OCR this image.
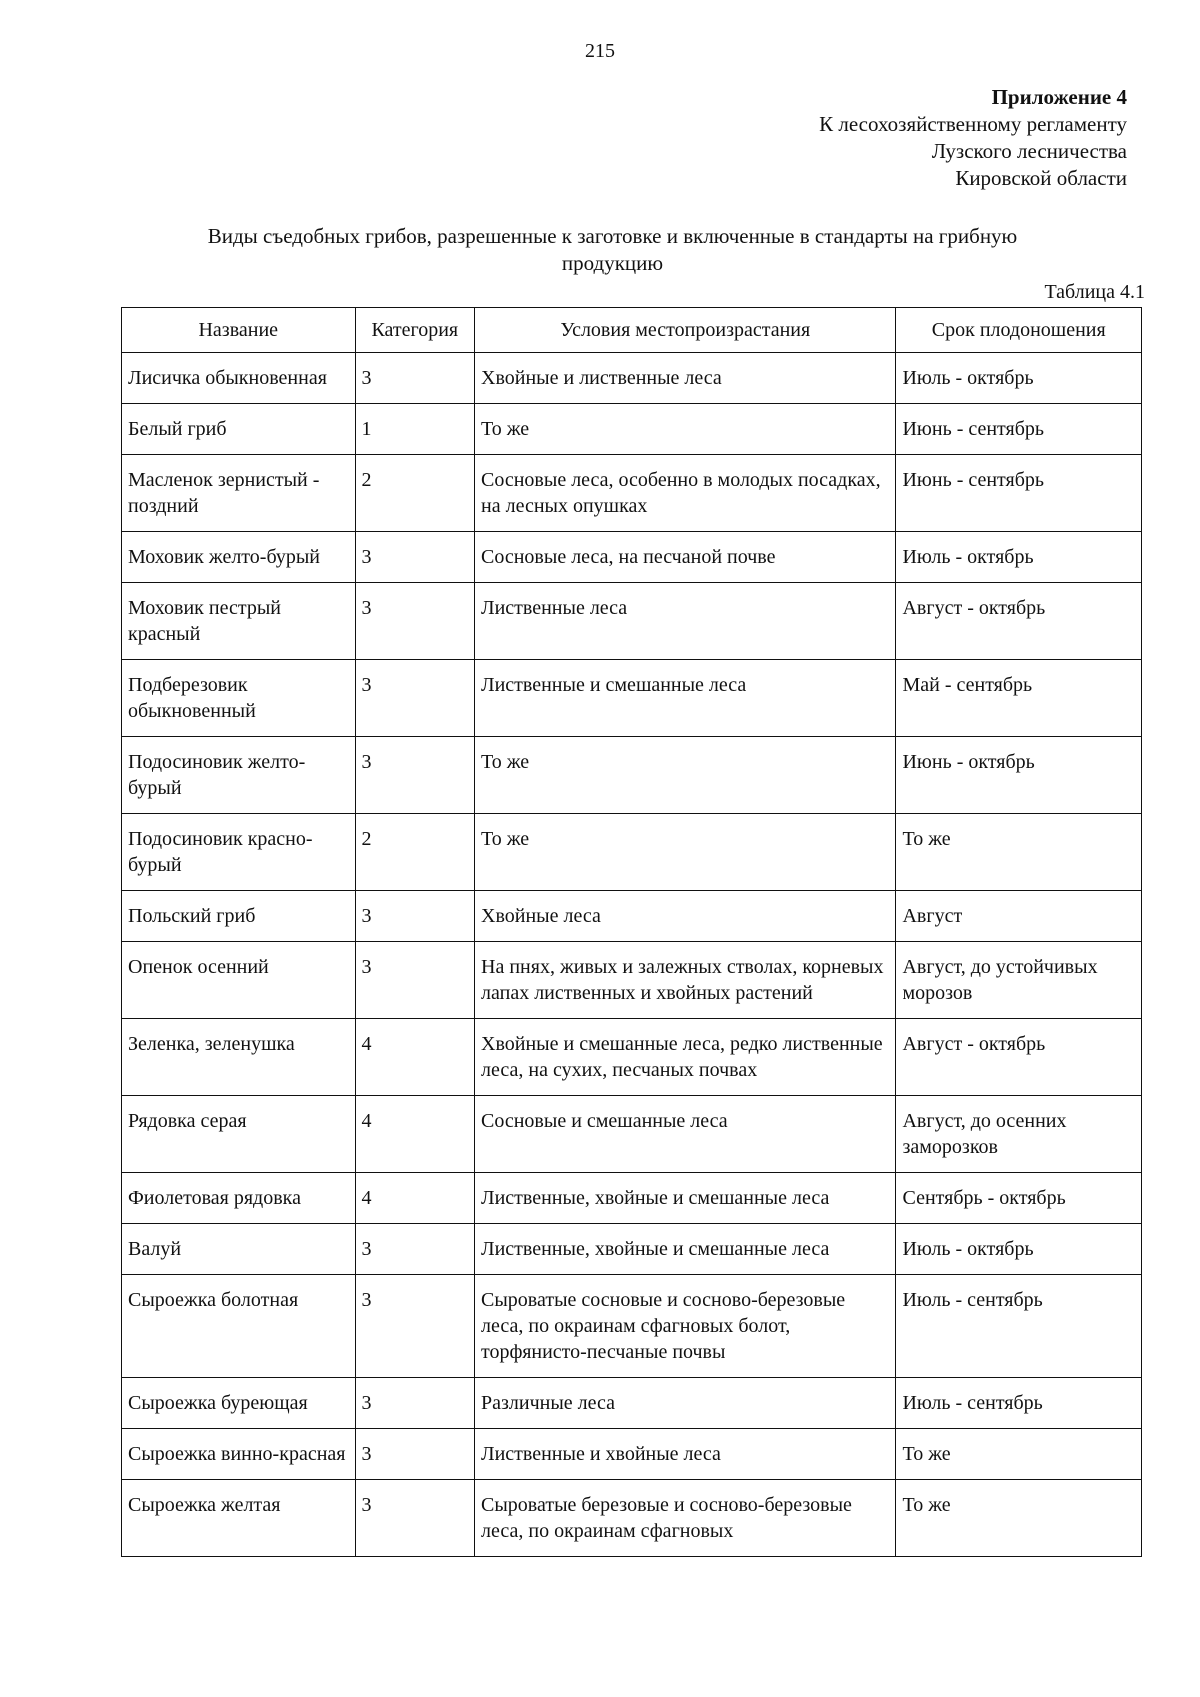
215
Приложение 4
К лесохозяйственному регламенту
Лузского лесничества
Кировской области
Виды съедобных грибов, разрешенные к заготовке и включенные в стандарты на грибную
продукцию
Таблица 4.1
Название	Категория	Условия местопроизрастания	Срок плодоношения
Лисичка обыкновенная	3	Хвойные и лиственные леса	Июль - октябрь
Белый гриб	1	То же	Июнь - сентябрь
Масленок зернистый - поздний	2	Сосновые леса, особенно в молодых посадках, на лесных опушках	Июнь - сентябрь
Моховик желто-бурый	3	Сосновые леса, на песчаной почве	Июль - октябрь
Моховик пестрый красный	3	Лиственные леса	Август - октябрь
Подберезовик обыкновенный	3	Лиственные и смешанные леса	Май - сентябрь
Подосиновик желто-бурый	3	То же	Июнь - октябрь
Подосиновик красно-бурый	2	То же	То же
Польский гриб	3	Хвойные леса	Август
Опенок осенний	3	На пнях, живых и залежных стволах, корневых лапах лиственных и хвойных растений	Август, до устойчивых морозов
Зеленка, зеленушка	4	Хвойные и смешанные леса, редко лиственные леса, на сухих, песчаных почвах	Август - октябрь
Рядовка серая	4	Сосновые и смешанные леса	Август, до осенних заморозков
Фиолетовая рядовка	4	Лиственные, хвойные и смешанные леса	Сентябрь - октябрь
Валуй	3	Лиственные, хвойные и смешанные леса	Июль - октябрь
Сыроежка болотная	3	Сыроватые сосновые и сосново-березовые леса, по окраинам сфагновых болот, торфянисто-песчаные почвы	Июль - сентябрь
Сыроежка буреющая	3	Различные леса	Июль - сентябрь
Сыроежка винно-красная	3	Лиственные и хвойные леса	То же
Сыроежка желтая	3	Сыроватые березовые и сосново-березовые леса, по окраинам сфагновых	То же
